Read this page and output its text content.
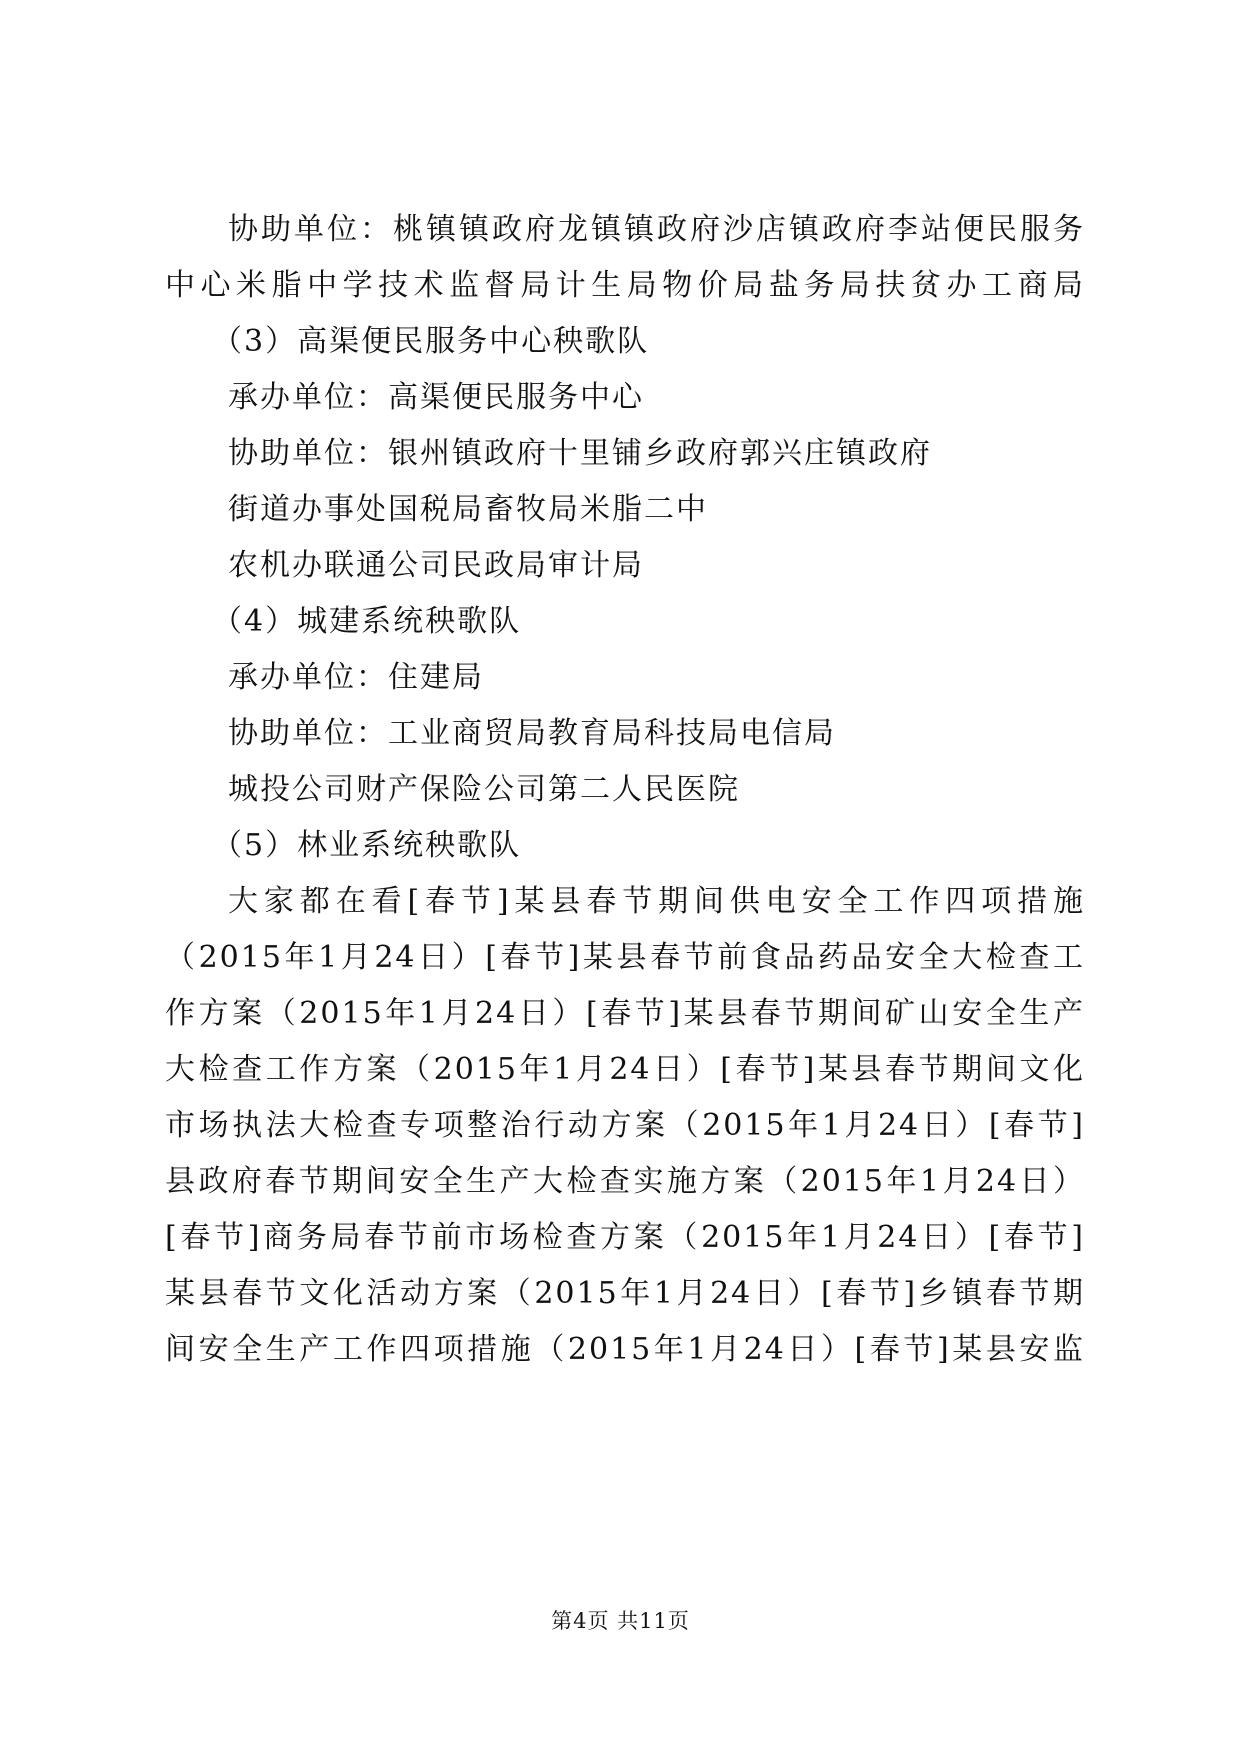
协助单位：桃镇镇政府龙镇镇政府沙店镇政府李站便民服务
中心米脂中学技术监督局计生局物价局盐务局扶贫办工商局
（3）高渠便民服务中心秧歌队
承办单位：高渠便民服务中心
协助单位：银州镇政府十里铺乡政府郭兴庄镇政府
街道办事处国税局畜牧局米脂二中
农机办联通公司民政局审计局
（4）城建系统秧歌队
承办单位：住建局
协助单位：工业商贸局教育局科技局电信局
城投公司财产保险公司第二人民医院
（5）林业系统秧歌队
大家都在看[春节]某县春节期间供电安全工作四项措施
（2015年1月24日）[春节]某县春节前食品药品安全大检查工
作方案（2015年1月24日）[春节]某县春节期间矿山安全生产
大检查工作方案（2015年1月24日）[春节]某县春节期间文化
市场执法大检查专项整治行动方案（2015年1月24日）[春节]
县政府春节期间安全生产大检查实施方案（2015年1月24日）
[春节]商务局春节前市场检查方案（2015年1月24日）[春节]
某县春节文化活动方案（2015年1月24日）[春节]乡镇春节期
间安全生产工作四项措施（2015年1月24日）[春节]某县安监
第4页 共11页
